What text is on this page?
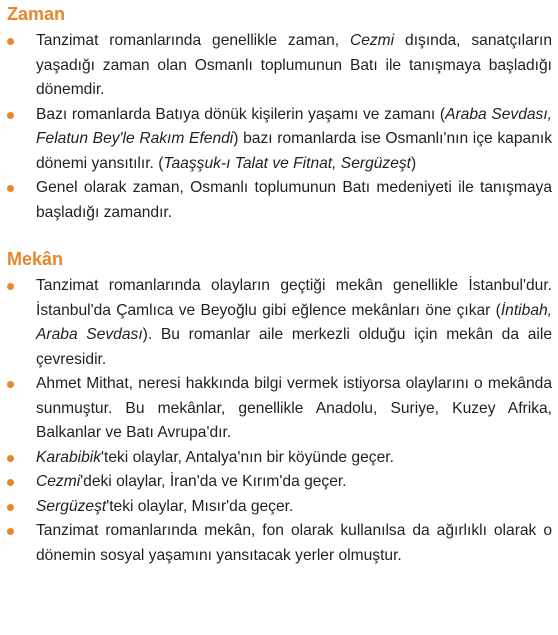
Zaman
Tanzimat romanlarında genellikle zaman, Cezmi dışında, sanatçıların yaşadığı zaman olan Osmanlı toplumunun Batı ile tanışmaya başladığı dönemdir.
Bazı romanlarda Batıya dönük kişilerin yaşamı ve zamanı (Araba Sevdası, Felatun Bey'le Rakım Efendi) bazı romanlarda ise Osmanlı'nın içe kapanık dönemi yansıtılır. (Taaşşuk-ı Talat ve Fitnat, Sergüzeşt)
Genel olarak zaman, Osmanlı toplumunun Batı medeniyeti ile tanışmaya başladığı zamandır.
Mekân
Tanzimat romanlarında olayların geçtiği mekân genellikle İstanbul'dur. İstanbul'da Çamlıca ve Beyoğlu gibi eğlence mekânları öne çıkar (İntibah, Araba Sevdası). Bu romanlar aile merkezli olduğu için mekân da aile çevresidir.
Ahmet Mithat, neresi hakkında bilgi vermek istiyorsa olaylarını o mekânda sunmuştur. Bu mekânlar, genellikle Anadolu, Suriye, Kuzey Afrika, Balkanlar ve Batı Avrupa'dır.
Karabibik'teki olaylar, Antalya'nın bir köyünde geçer.
Cezmi'deki olaylar, İran'da ve Kırım'da geçer.
Sergüzeşt'teki olaylar, Mısır'da geçer.
Tanzimat romanlarında mekân, fon olarak kullanılsa da ağırlıklı olarak o dönemin sosyal yaşamını yansıtacak yerler olmuştur.
